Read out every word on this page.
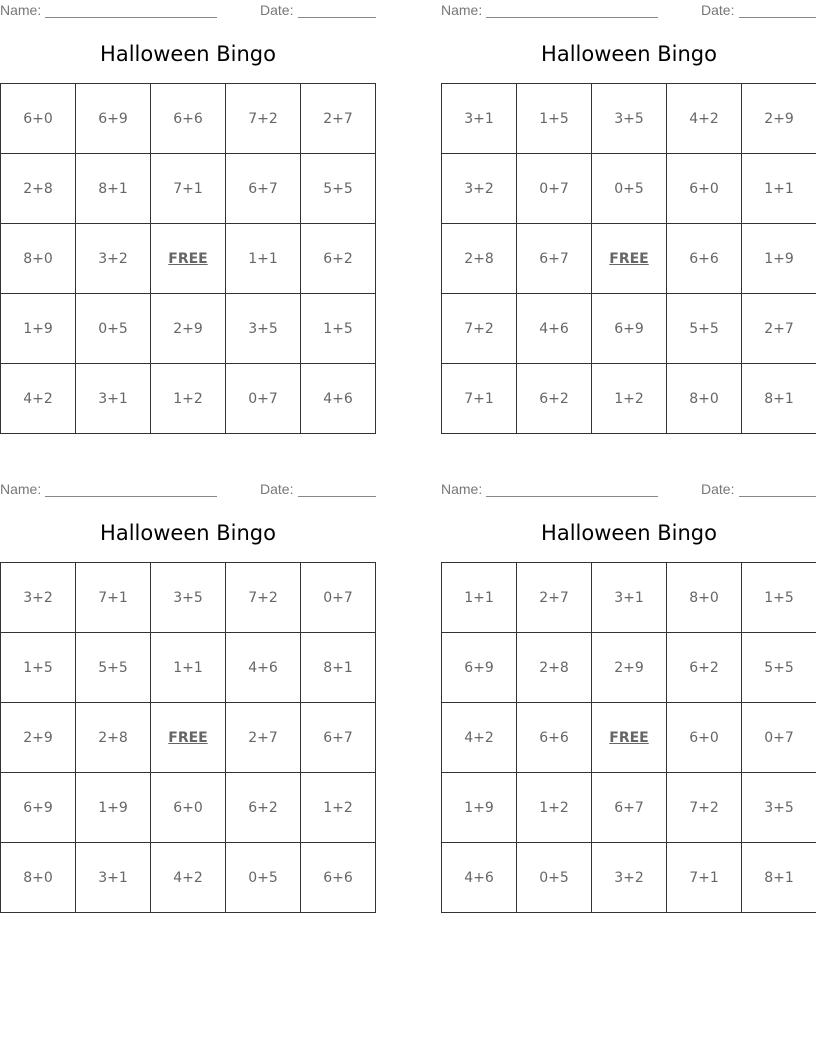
Name:	Date:
Halloween Bingo
6+0	6+9	6+6	7+2	2+7
2+8	8+1	7+1	6+7	5+5
8+0	3+2	FREE	1+1	6+2
1+9	0+5	2+9	3+5	1+5
4+2	3+1	1+2	0+7	4+6
Name:	Date:
Halloween Bingo
3+1	1+5	3+5	4+2	2+9
3+2	0+7	0+5	6+0	1+1
2+8	6+7	FREE	6+6	1+9
7+2	4+6	6+9	5+5	2+7
7+1	6+2	1+2	8+0	8+1
Name:	Date:
Halloween Bingo
3+2	7+1	3+5	7+2	0+7
1+5	5+5	1+1	4+6	8+1
2+9	2+8	FREE	2+7	6+7
6+9	1+9	6+0	6+2	1+2
8+0	3+1	4+2	0+5	6+6
Name:	Date:
Halloween Bingo
1+1	2+7	3+1	8+0	1+5
6+9	2+8	2+9	6+2	5+5
4+2	6+6	FREE	6+0	0+7
1+9	1+2	6+7	7+2	3+5
4+6	0+5	3+2	7+1	8+1
